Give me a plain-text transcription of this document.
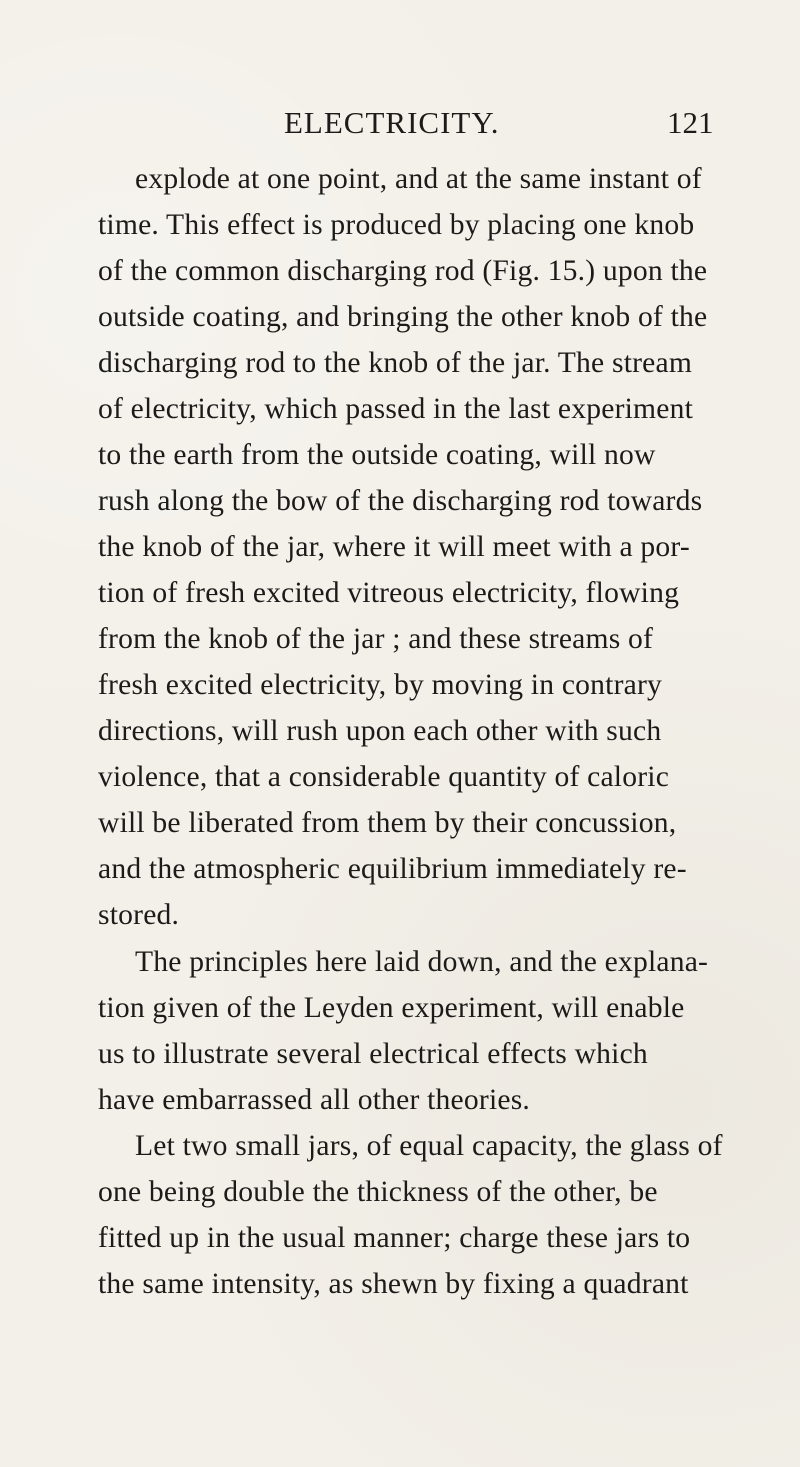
ELECTRICITY.	121
explode at one point, and at the same instant of
time. This effect is produced by placing one knob
of the common discharging rod (Fig. 15.) upon the
outside coating, and bringing the other knob of the
discharging rod to the knob of the jar. The stream
of electricity, which passed in the last experiment
to the earth from the outside coating, will now
rush along the bow of the discharging rod towards
the knob of the jar, where it will meet with a por-
tion of fresh excited vitreous electricity, flowing
from the knob of the jar ; and these streams of
fresh excited electricity, by moving in contrary
directions, will rush upon each other with such
violence, that a considerable quantity of caloric
will be liberated from them by their concussion,
and the atmospheric equilibrium immediately re-
stored.
The principles here laid down, and the explana-
tion given of the Leyden experiment, will enable
us to illustrate several electrical effects which
have embarrassed all other theories.
Let two small jars, of equal capacity, the glass of
one being double the thickness of the other, be
fitted up in the usual manner; charge these jars to
the same intensity, as shewn by fixing a quadrant
